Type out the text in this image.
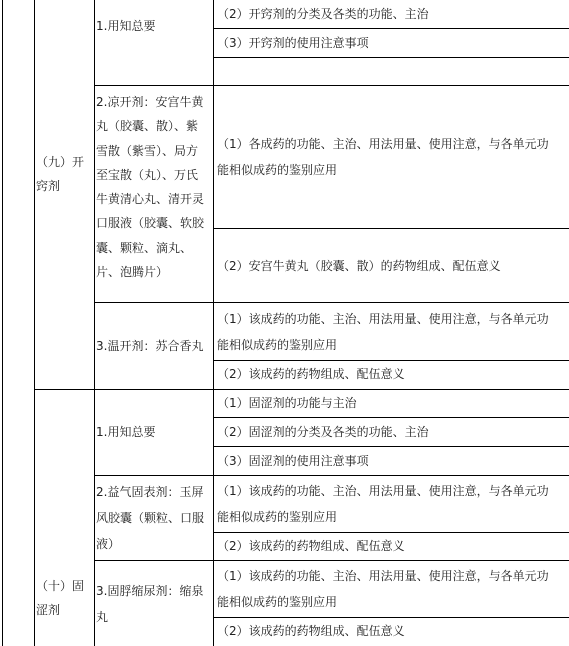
（九）开
窍剂
1.用知总要
（2）开窍剂的分类及各类的功能、主治
（3）开窍剂的使用注意事项
2.凉开剂：安宫牛黄
丸（胶囊、散）、紫
雪散（紫雪）、局方
至宝散（丸）、万氏
牛黄清心丸、清开灵
口服液（胶囊、软胶
囊、颗粒、滴丸、
片、泡腾片）
（1）各成药的功能、主治、用法用量、使用注意，与各单元功
能相似成药的鉴别应用
（2）安宫牛黄丸（胶囊、散）的药物组成、配伍意义
3.温开剂：苏合香丸
（1）该成药的功能、主治、用法用量、使用注意，与各单元功
能相似成药的鉴别应用
（2）该成药的药物组成、配伍意义
（十）固
涩剂
1.用知总要
（1）固涩剂的功能与主治
（2）固涩剂的分类及各类的功能、主治
（3）固涩剂的使用注意事项
2.益气固表剂：玉屏
风胶囊（颗粒、口服
液）
（1）该成药的功能、主治、用法用量、使用注意，与各单元功
能相似成药的鉴别应用
（2）该成药的药物组成、配伍意义
3.固脬缩尿剂：缩泉
丸
（1）该成药的功能、主治、用法用量、使用注意，与各单元功
能相似成药的鉴别应用
（2）该成药的药物组成、配伍意义
